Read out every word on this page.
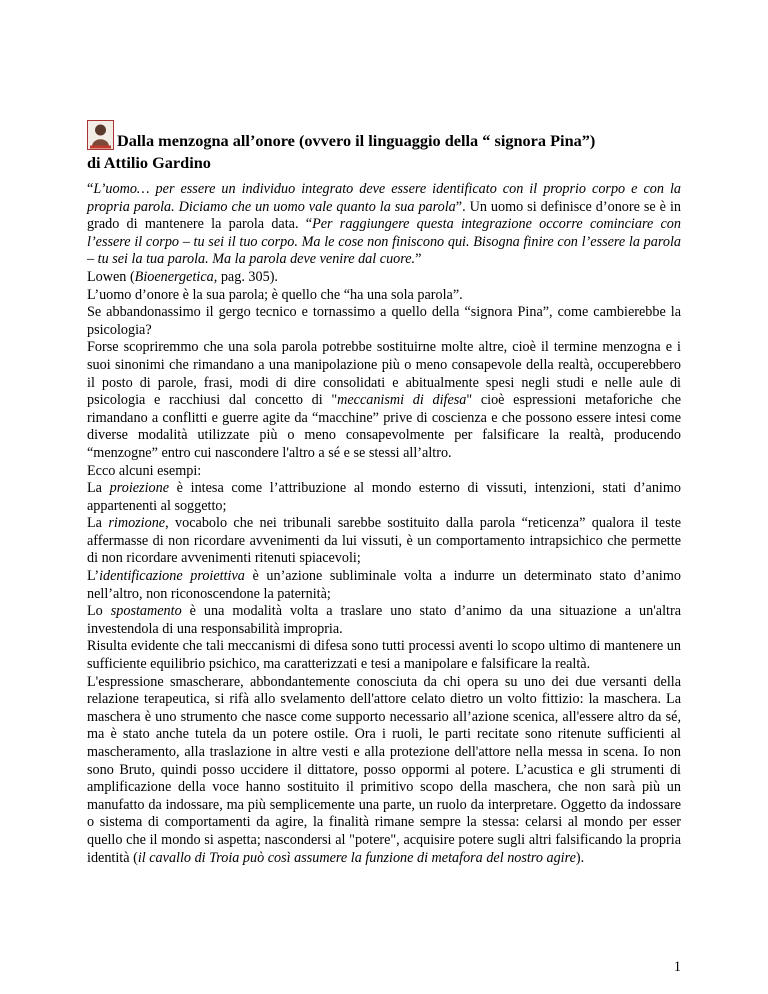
Dalla menzogna all’onore (ovvero il linguaggio della “ signora Pina”)
di Attilio Gardino

“L’uomo… per essere un individuo integrato deve essere identificato con il proprio corpo e con la propria parola. Diciamo che un uomo vale quanto la sua parola”. Un uomo si definisce d’onore se è in grado di mantenere la parola data. “Per raggiungere questa integrazione occorre cominciare con l’essere il corpo – tu sei il tuo corpo. Ma le cose non finiscono qui. Bisogna finire con l’essere la parola – tu sei la tua parola. Ma la parola deve venire dal cuore.”

Lowen (Bioenergetica, pag. 305).

L’uomo d’onore è la sua parola; è quello che “ha una sola parola”.

Se abbandonassimo il gergo tecnico e tornassimo a quello della “signora Pina”, come cambierebbe la psicologia?

Forse scopriremmo che una sola parola potrebbe sostituirne molte altre, cioè il termine menzogna e i suoi sinonimi che rimandano a una manipolazione più o meno consapevole della realtà, occuperebbero il posto di parole, frasi, modi di dire consolidati e abitualmente spesi negli studi e nelle aule di psicologia e racchiusi dal concetto di "meccanismi di difesa" cioè espressioni metaforiche che rimandano a conflitti e guerre agite da “macchine” prive di coscienza e che possono essere intesi come diverse modalità utilizzate più o meno consapevolmente per falsificare la realtà, producendo “menzogne” entro cui nascondere l'altro a sé e se stessi all’altro.

Ecco alcuni esempi:

La proiezione è intesa come l’attribuzione al mondo esterno di vissuti, intenzioni, stati d’animo appartenenti al soggetto;

La rimozione, vocabolo che nei tribunali sarebbe sostituito dalla parola “reticenza” qualora il teste affermasse di non ricordare avvenimenti da lui vissuti, è un comportamento intrapsichico che permette di non ricordare avvenimenti ritenuti spiacevoli;

L’identificazione proiettiva è un’azione subliminale volta a indurre un determinato stato d’animo nell’altro, non riconoscendone la paternità;

Lo spostamento è una modalità volta a traslare uno stato d’animo da una situazione a un'altra investendola di una responsabilità impropria.

Risulta evidente che tali meccanismi di difesa sono tutti processi aventi lo scopo ultimo di mantenere un sufficiente equilibrio psichico, ma caratterizzati e tesi a manipolare e falsificare la realtà.

L'espressione smascherare, abbondantemente conosciuta da chi opera su uno dei due versanti della relazione terapeutica, si rifà allo svelamento dell'attore celato dietro un volto fittizio: la maschera. La maschera è uno strumento che nasce come supporto necessario all’azione scenica, all'essere altro da sé, ma è stato anche tutela da un potere ostile. Ora i ruoli, le parti recitate sono ritenute sufficienti al mascheramento, alla traslazione in altre vesti e alla protezione dell'attore nella messa in scena. Io non sono Bruto, quindi posso uccidere il dittatore, posso oppormi al potere. L’acustica e gli strumenti di amplificazione della voce hanno sostituito il primitivo scopo della maschera, che non sarà più un manufatto da indossare, ma più semplicemente una parte, un ruolo da interpretare. Oggetto da indossare o sistema di comportamenti da agire, la finalità rimane sempre la stessa: celarsi al mondo per esser quello che il mondo si aspetta; nascondersi al "potere", acquisire potere sugli altri falsificando la propria identità (il cavallo di Troia può così assumere la funzione di metafora del nostro agire).

1
